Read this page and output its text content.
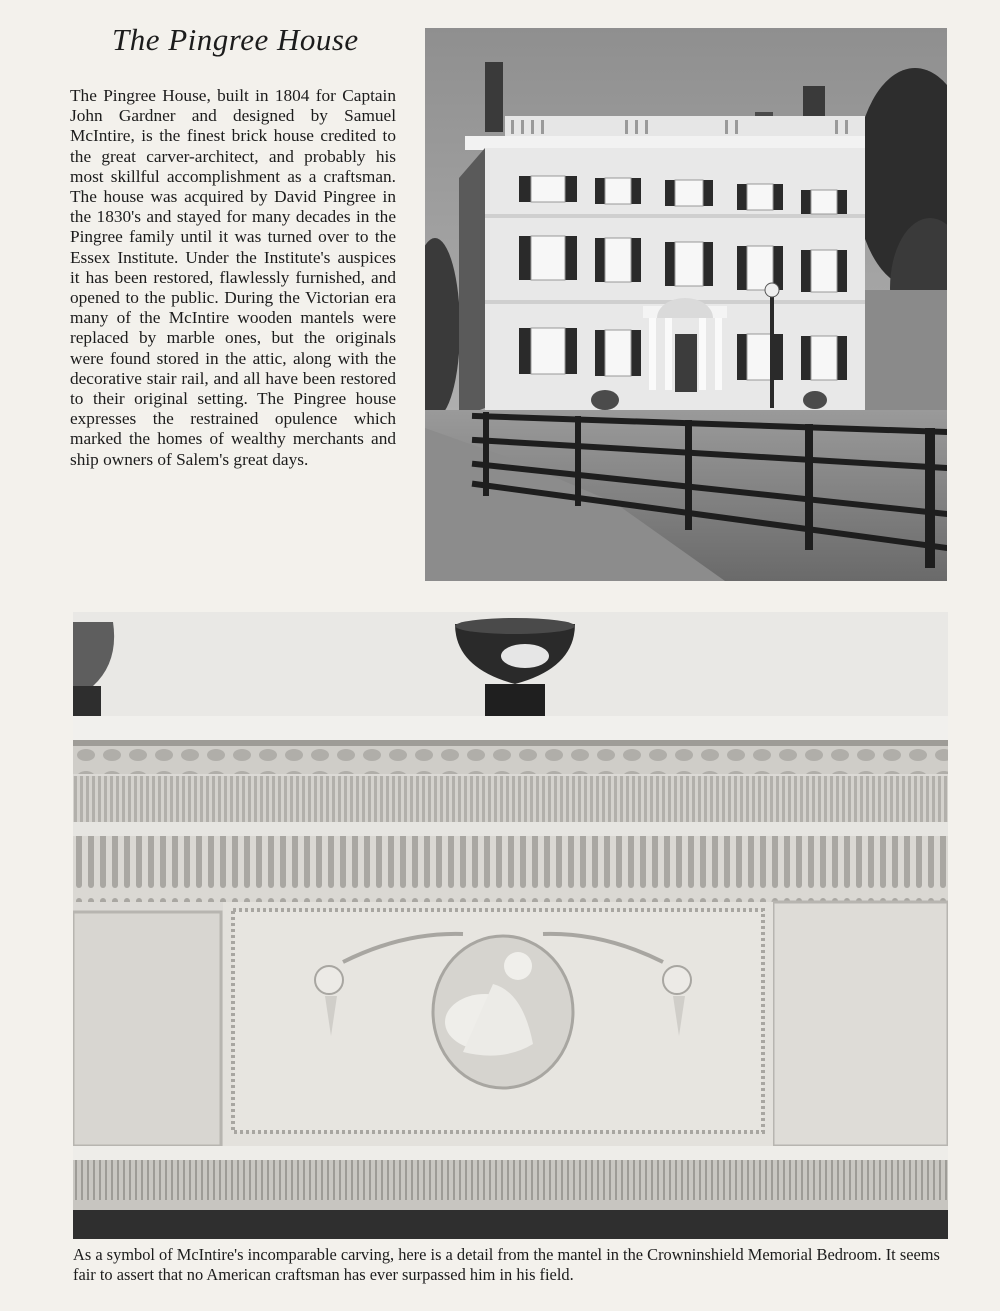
The Pingree House

The Pingree House, built in 1804 for Captain John Gardner and designed by Samuel McIntire, is the finest brick house credited to the great carver-architect, and probably his most skillful accomplishment as a craftsman. The house was acquired by David Pingree in the 1830's and stayed for many decades in the Pingree family until it was turned over to the Essex Institute. Under the Institute's auspices it has been restored, flawlessly furnished, and opened to the public. During the Victorian era many of the McIntire wooden mantels were replaced by marble ones, but the originals were found stored in the attic, along with the decorative stair rail, and all have been restored to their original setting. The Pingree house expresses the restrained opulence which marked the homes of wealthy merchants and ship owners of Salem's great days.

As a symbol of McIntire's incomparable carving, here is a detail from the mantel in the Crowninshield Memorial Bedroom. It seems fair to assert that no American craftsman has ever surpassed him in his field.
